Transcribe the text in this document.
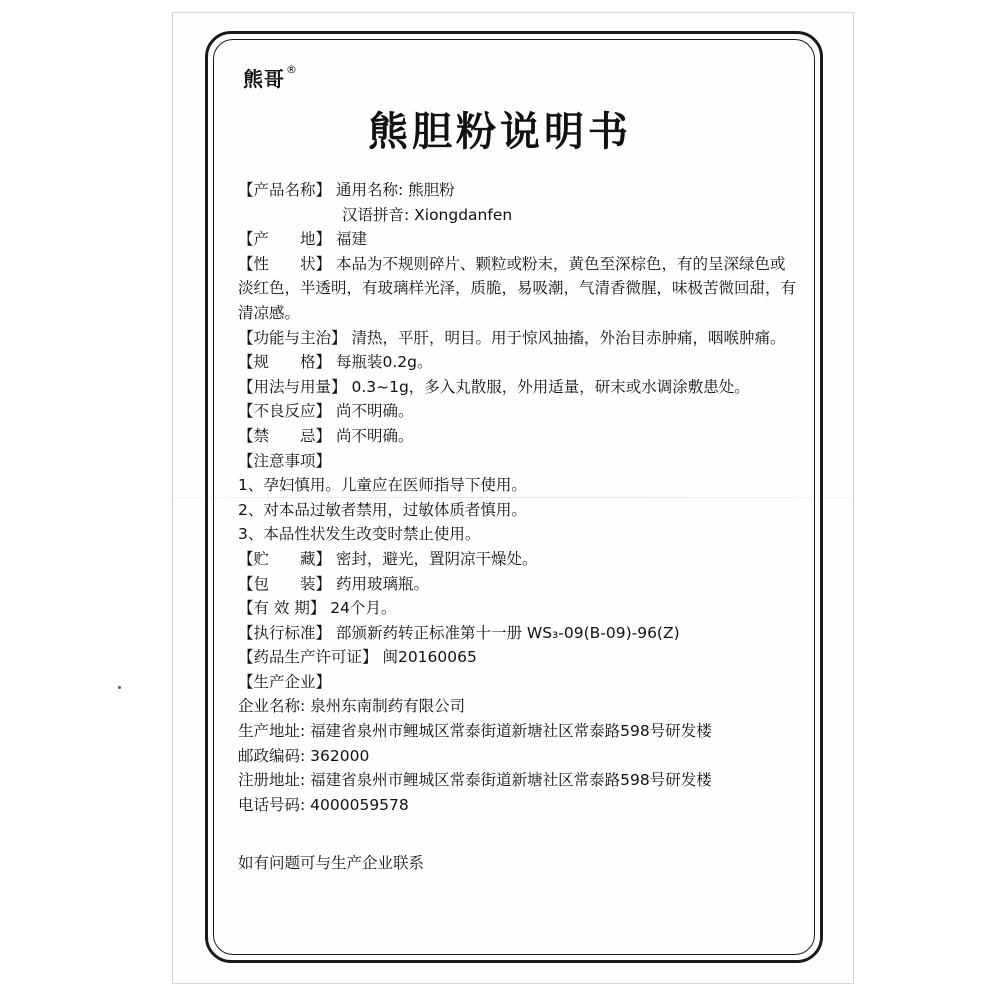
熊哥®
熊胆粉说明书
【产品名称】 通用名称: 熊胆粉
汉语拼音: Xiongdanfen
【产　　地】 福建
【性　　状】 本品为不规则碎片、颗粒或粉末，黄色至深棕色，有的呈深绿色或淡红色，半透明，有玻璃样光泽，质脆，易吸潮，气清香微腥，味极苦微回甜，有清凉感。
【功能与主治】 清热，平肝，明目。用于惊风抽搐，外治目赤肿痛，咽喉肿痛。
【规　　格】 每瓶装0.2g。
【用法与用量】 0.3~1g，多入丸散服，外用适量，研末或水调涂敷患处。
【不良反应】 尚不明确。
【禁　　忌】 尚不明确。
【注意事项】
1、孕妇慎用。儿童应在医师指导下使用。
2、对本品过敏者禁用，过敏体质者慎用。
3、本品性状发生改变时禁止使用。
【贮　　藏】 密封，避光，置阴凉干燥处。
【包　　装】 药用玻璃瓶。
【有 效 期】 24个月。
【执行标准】 部颁新药转正标准第十一册 WS₃-09(B-09)-96(Z)
【药品生产许可证】 闽20160065
【生产企业】
企业名称: 泉州东南制药有限公司
生产地址: 福建省泉州市鲤城区常泰街道新塘社区常泰路598号研发楼
邮政编码: 362000
注册地址: 福建省泉州市鲤城区常泰街道新塘社区常泰路598号研发楼
电话号码: 4000059578
如有问题可与生产企业联系
